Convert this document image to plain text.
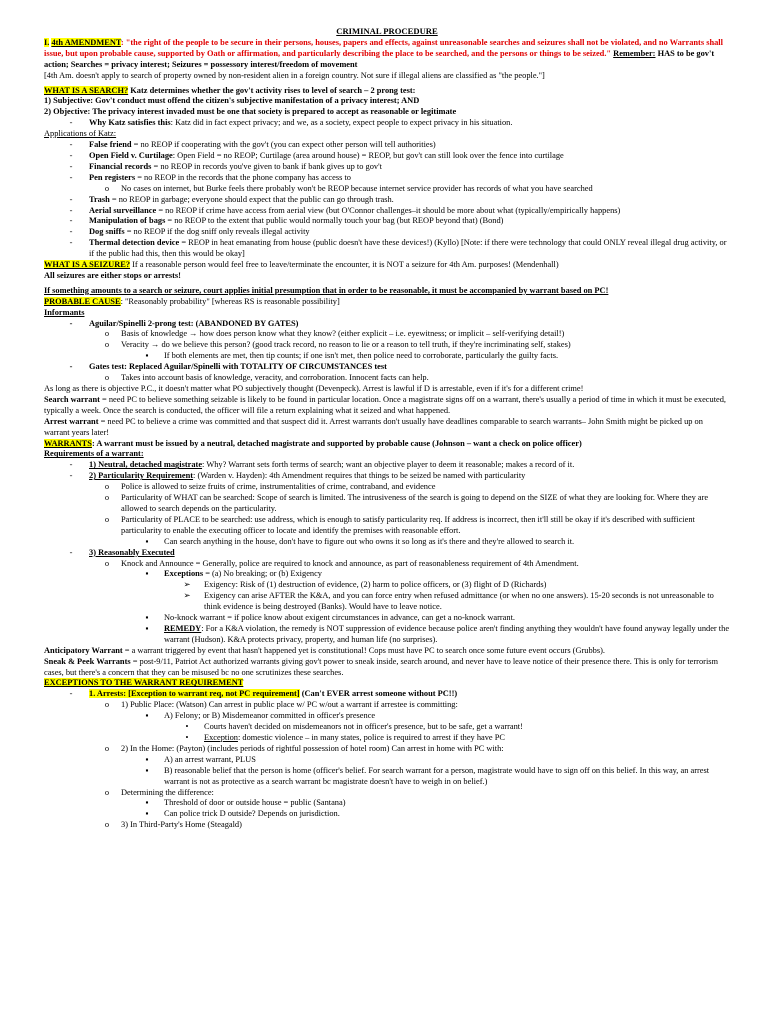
CRIMINAL PROCEDURE
I. 4th AMENDMENT: "the right of the people to be secure in their persons, houses, papers and effects, against unreasonable searches and seizures shall not be violated, and no Warrants shall issue, but upon probable cause, supported by Oath or affirmation, and particularly describing the place to be searched, and the persons or things to be seized." Remember: HAS to be gov't action; Searches = privacy interest; Seizures = possessory interest/freedom of movement
[4th Am. doesn't apply to search of property owned by non-resident alien in a foreign country. Not sure if illegal aliens are classified as "the people."]
WHAT IS A SEARCH? Katz determines whether the gov't activity rises to level of search – 2 prong test:
1) Subjective: Gov't conduct must offend the citizen's subjective manifestation of a privacy interest; AND
2) Objective: The privacy interest invaded must be one that society is prepared to accept as reasonable or legitimate
-	Why Katz satisfies this: Katz did in fact expect privacy; and we, as a society, expect people to expect privacy in his situation.
Applications of Katz:
-	False friend = no REOP if cooperating with the gov't (you can expect other person will tell authorities)
-	Open Field v. Curtilage: Open Field = no REOP; Curtilage (area around house) = REOP, but gov't can still look over the fence into curtilage
-	Financial records = no REOP in records you've given to bank if bank gives up to gov't
-	Pen registers = no REOP in the records that the phone company has access to
o	No cases on internet, but Burke feels there probably won't be REOP because internet service provider has records of what you have searched
-	Trash = no REOP in garbage; everyone should expect that the public can go through trash.
-	Aerial surveillance = no REOP if crime have access from aerial view (but O'Connor challenges–it should be more about what (typically/empirically happens)
-	Manipulation of bags = no REOP to the extent that public would normally touch your bag (but REOP beyond that) (Bond)
-	Dog sniffs = no REOP if the dog sniff only reveals illegal activity
-	Thermal detection device = REOP in heat emanating from house (public doesn't have these devices!) (Kyllo) [Note: if there were technology that could ONLY reveal illegal drug activity, or if the public had this, then this would be okay]
WHAT IS A SEIZURE? If a reasonable person would feel free to leave/terminate the encounter, it is NOT a seizure for 4th Am. purposes! (Mendenhall)
All seizures are either stops or arrests!
If something amounts to a search or seizure, court applies initial presumption that in order to be reasonable, it must be accompanied by warrant based on PC!
PROBABLE CAUSE: "Reasonably probability" [whereas RS is reasonable possibility]
Informants
-	Aguilar/Spinelli 2-prong test: (ABANDONED BY GATES)
o	Basis of knowledge → how does person know what they know? (either explicit – i.e. eyewitness; or implicit – self-verifying detail!)
o	Veracity → do we believe this person? (good track record, no reason to lie or a reason to tell truth, if they're incriminating self, stakes)
▪	If both elements are met, then tip counts; if one isn't met, then police need to corroborate, particularly the guilty facts.
-	Gates test: Replaced Aguilar/Spinelli with TOTALITY OF CIRCUMSTANCES test
o	Takes into account basis of knowledge, veracity, and corroboration. Innocent facts can help.
As long as there is objective P.C., it doesn't matter what PO subjectively thought (Devenpeck). Arrest is lawful if D is arrestable, even if it's for a different crime!
Search warrant = need PC to believe something seizable is likely to be found in particular location. Once a magistrate signs off on a warrant, there's usually a period of time in which it must be executed, typically a week. Once the search is conducted, the officer will file a return explaining what it seized and what happened.
Arrest warrant = need PC to believe a crime was committed and that suspect did it. Arrest warrants don't usually have deadlines comparable to search warrants– John Smith might be picked up on warrant years later!
WARRANTS: A warrant must be issued by a neutral, detached magistrate and supported by probable cause (Johnson – want a check on police officer)
Requirements of a warrant:
-	1) Neutral, detached magistrate: Why? Warrant sets forth terms of search; want an objective player to deem it reasonable; makes a record of it.
-	2) Particularity Requirement: (Warden v. Hayden): 4th Amendment requires that things to be seized be named with particularity
o	Police is allowed to seize fruits of crime, instrumentalities of crime, contraband, and evidence
o	Particularity of WHAT can be searched: Scope of search is limited. The intrusiveness of the search is going to depend on the SIZE of what they are looking for. Where they are allowed to search depends on the particularity.
o	Particularity of PLACE to be searched: use address, which is enough to satisfy particularity req. If address is incorrect, then it'll still be okay if it's described with sufficient particularity to enable the executing officer to locate and identify the premises with reasonable effort.
▪	Can search anything in the house, don't have to figure out who owns it so long as it's there and they're allowed to search it.
-	3) Reasonably Executed
o	Knock and Announce = Generally, police are required to knock and announce, as part of reasonableness requirement of 4th Amendment.
▪	Exceptions = (a) No breaking; or (b) Exigency
➢	Exigency: Risk of (1) destruction of evidence, (2) harm to police officers, or (3) flight of D (Richards)
➢	Exigency can arise AFTER the K&A, and you can force entry when refused admittance (or when no one answers). 15-20 seconds is not unreasonable to think evidence is being destroyed (Banks). Would have to leave notice.
▪	No-knock warrant = if police know about exigent circumstances in advance, can get a no-knock warrant.
▪	REMEDY: For a K&A violation, the remedy is NOT suppression of evidence because police aren't finding anything they wouldn't have found anyway legally under the warrant (Hudson). K&A protects privacy, property, and human life (no surprises).
Anticipatory Warrant = a warrant triggered by event that hasn't happened yet is constitutional! Cops must have PC to search once some future event occurs (Grubbs).
Sneak & Peek Warrants = post-9/11, Patriot Act authorized warrants giving gov't power to sneak inside, search around, and never have to leave notice of their presence there. This is only for terrorism cases, but there's a concern that they can be misused bc no one scrutinizes these searches.
EXCEPTIONS TO THE WARRANT REQUIREMENT
-	1. Arrests: [Exception to warrant req, not PC requirement] (Can't EVER arrest someone without PC!!)
o	1) Public Place: (Watson) Can arrest in public place w/ PC w/out a warrant if arrestee is committing:
▪	A) Felony; or B) Misdemeanor committed in officer's presence
•	Courts haven't decided on misdemeanors not in officer's presence, but to be safe, get a warrant!
•	Exception: domestic violence – in many states, police is required to arrest if they have PC
o	2) In the Home: (Payton) (includes periods of rightful possession of hotel room) Can arrest in home with PC with:
▪	A) an arrest warrant, PLUS
▪	B) reasonable belief that the person is home (officer's belief. For search warrant for a person, magistrate would have to sign off on this belief. In this way, an arrest warrant is not as protective as a search warrant bc magistrate doesn't have to weigh in on belief.)
o	Determining the difference:
▪	Threshold of door or outside house = public (Santana)
▪	Can police trick D outside? Depends on jurisdiction.
o	3) In Third-Party's Home (Steagald)
